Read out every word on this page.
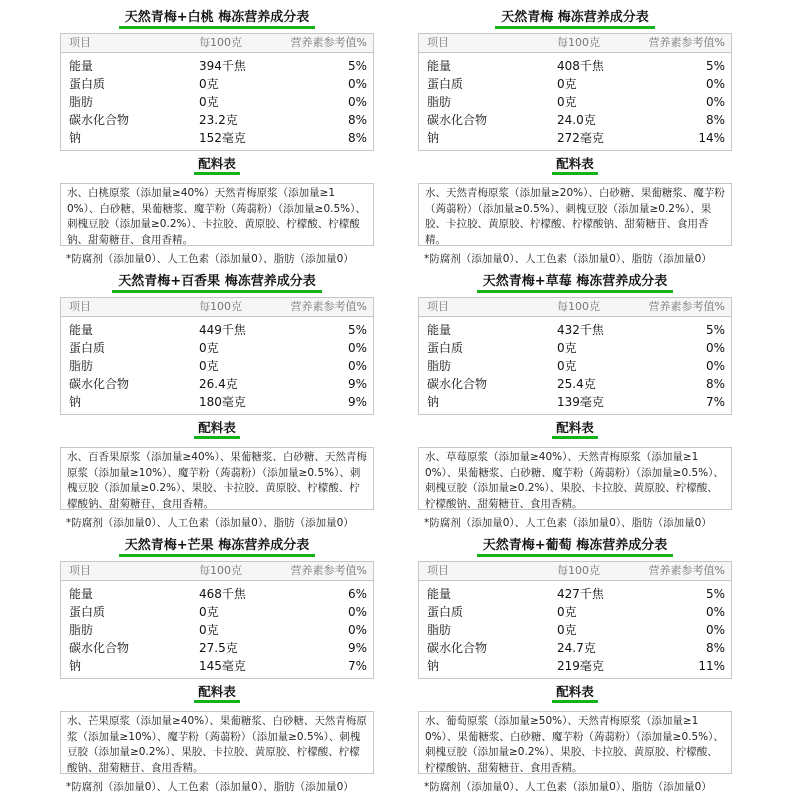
天然青梅+白桃 梅冻营养成分表
项目	每100克	营养素参考值%
能量	394千焦	5%
蛋白质	0克	0%
脂肪	0克	0%
碳水化合物	23.2克	8%
钠	152毫克	8%
配料表
水、白桃原浆（添加量≥40%）天然青梅原浆（添加量≥10%）、白砂糖、果葡糖浆、魔芋粉（蒟蒻粉）（添加量≥0.5%）、刺槐豆胶（添加量≥0.2%）、卡拉胶、黄原胶、柠檬酸、柠檬酸钠、甜菊糖苷、食用香精。
*防腐剂（添加量0）、人工色素（添加量0）、脂肪（添加量0）
天然青梅 梅冻营养成分表
项目	每100克	营养素参考值%
能量	408千焦	5%
蛋白质	0克	0%
脂肪	0克	0%
碳水化合物	24.0克	8%
钠	272毫克	14%
配料表
水、天然青梅原浆（添加量≥20%）、白砂糖、果葡糖浆、魔芋粉（蒟蒻粉）（添加量≥0.5%）、刺槐豆胶（添加量≥0.2%）、果胶、卡拉胶、黄原胶、柠檬酸、柠檬酸钠、甜菊糖苷、食用香精。
*防腐剂（添加量0）、人工色素（添加量0）、脂肪（添加量0）
天然青梅+百香果 梅冻营养成分表
项目	每100克	营养素参考值%
能量	449千焦	5%
蛋白质	0克	0%
脂肪	0克	0%
碳水化合物	26.4克	9%
钠	180毫克	9%
配料表
水、百香果原浆（添加量≥40%）、果葡糖浆、白砂糖、天然青梅原浆（添加量≥10%）、魔芋粉（蒟蒻粉）（添加量≥0.5%）、刺槐豆胶（添加量≥0.2%）、果胶、卡拉胶、黄原胶、柠檬酸、柠檬酸钠、甜菊糖苷、食用香精。
*防腐剂（添加量0）、人工色素（添加量0）、脂肪（添加量0）
天然青梅+草莓 梅冻营养成分表
项目	每100克	营养素参考值%
能量	432千焦	5%
蛋白质	0克	0%
脂肪	0克	0%
碳水化合物	25.4克	8%
钠	139毫克	7%
配料表
水、草莓原浆（添加量≥40%）、天然青梅原浆（添加量≥10%）、果葡糖浆、白砂糖、魔芋粉（蒟蒻粉）（添加量≥0.5%）、刺槐豆胶（添加量≥0.2%）、果胶、卡拉胶、黄原胶、柠檬酸、柠檬酸钠、甜菊糖苷、食用香精。
*防腐剂（添加量0）、人工色素（添加量0）、脂肪（添加量0）
天然青梅+芒果 梅冻营养成分表
项目	每100克	营养素参考值%
能量	468千焦	6%
蛋白质	0克	0%
脂肪	0克	0%
碳水化合物	27.5克	9%
钠	145毫克	7%
配料表
水、芒果原浆（添加量≥40%）、果葡糖浆、白砂糖、天然青梅原浆（添加量≥10%）、魔芋粉（蒟蒻粉）（添加量≥0.5%）、刺槐豆胶（添加量≥0.2%）、果胶、卡拉胶、黄原胶、柠檬酸、柠檬酸钠、甜菊糖苷、食用香精。
*防腐剂（添加量0）、人工色素（添加量0）、脂肪（添加量0）
天然青梅+葡萄 梅冻营养成分表
项目	每100克	营养素参考值%
能量	427千焦	5%
蛋白质	0克	0%
脂肪	0克	0%
碳水化合物	24.7克	8%
钠	219毫克	11%
配料表
水、葡萄原浆（添加量≥50%）、天然青梅原浆（添加量≥10%）、果葡糖浆、白砂糖、魔芋粉（蒟蒻粉）（添加量≥0.5%）、刺槐豆胶（添加量≥0.2%）、果胶、卡拉胶、黄原胶、柠檬酸、柠檬酸钠、甜菊糖苷、食用香精。
*防腐剂（添加量0）、人工色素（添加量0）、脂肪（添加量0）
